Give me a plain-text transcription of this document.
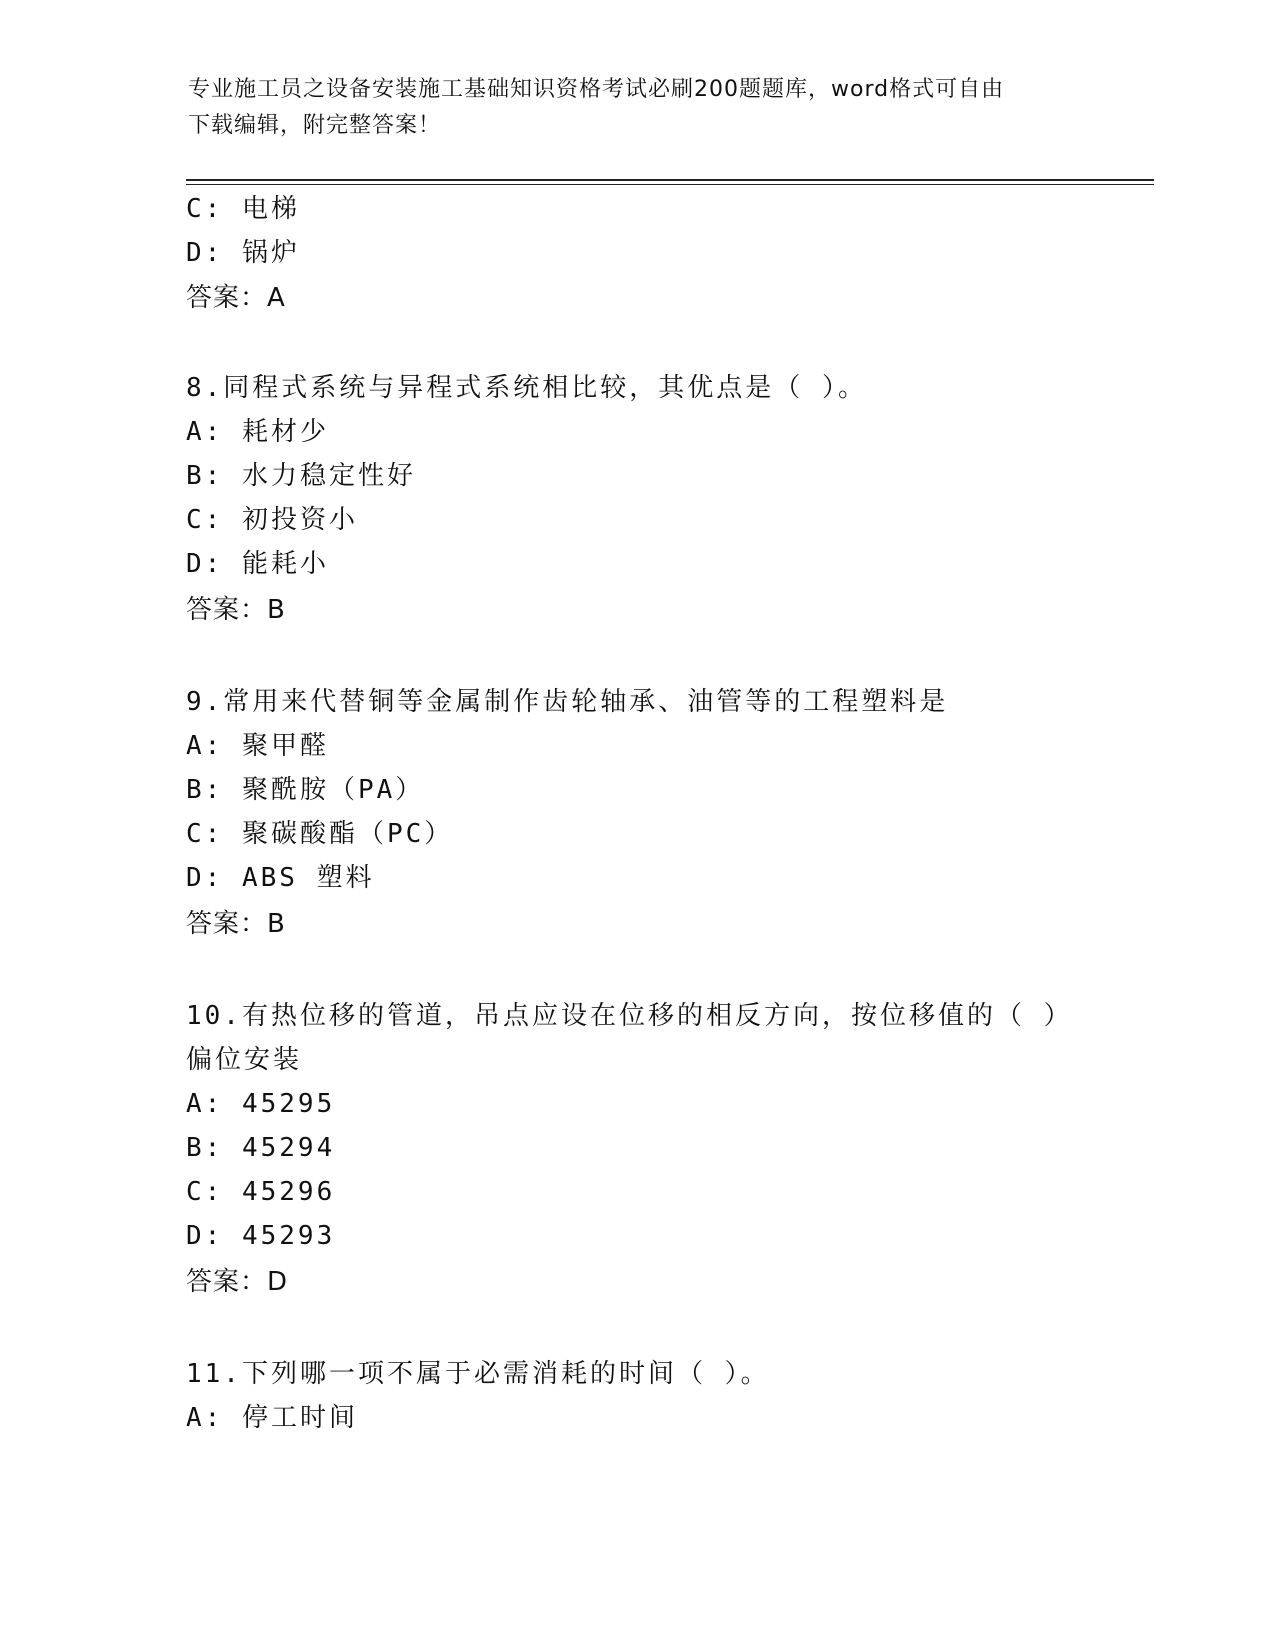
专业施工员之设备安装施工基础知识资格考试必刷200题题库，word格式可自由
下载编辑，附完整答案！
C: 电梯
D: 锅炉
答案：A
8.同程式系统与异程式系统相比较，其优点是（ ）。
A: 耗材少
B: 水力稳定性好
C: 初投资小
D: 能耗小
答案：B
9.常用来代替铜等金属制作齿轮轴承、油管等的工程塑料是
A: 聚甲醛
B: 聚酰胺（PA）
C: 聚碳酸酯（PC）
D: ABS 塑料
答案：B
10.有热位移的管道，吊点应设在位移的相反方向，按位移值的（ ）
偏位安装
A: 45295
B: 45294
C: 45296
D: 45293
答案：D
11.下列哪一项不属于必需消耗的时间（ ）。
A: 停工时间
